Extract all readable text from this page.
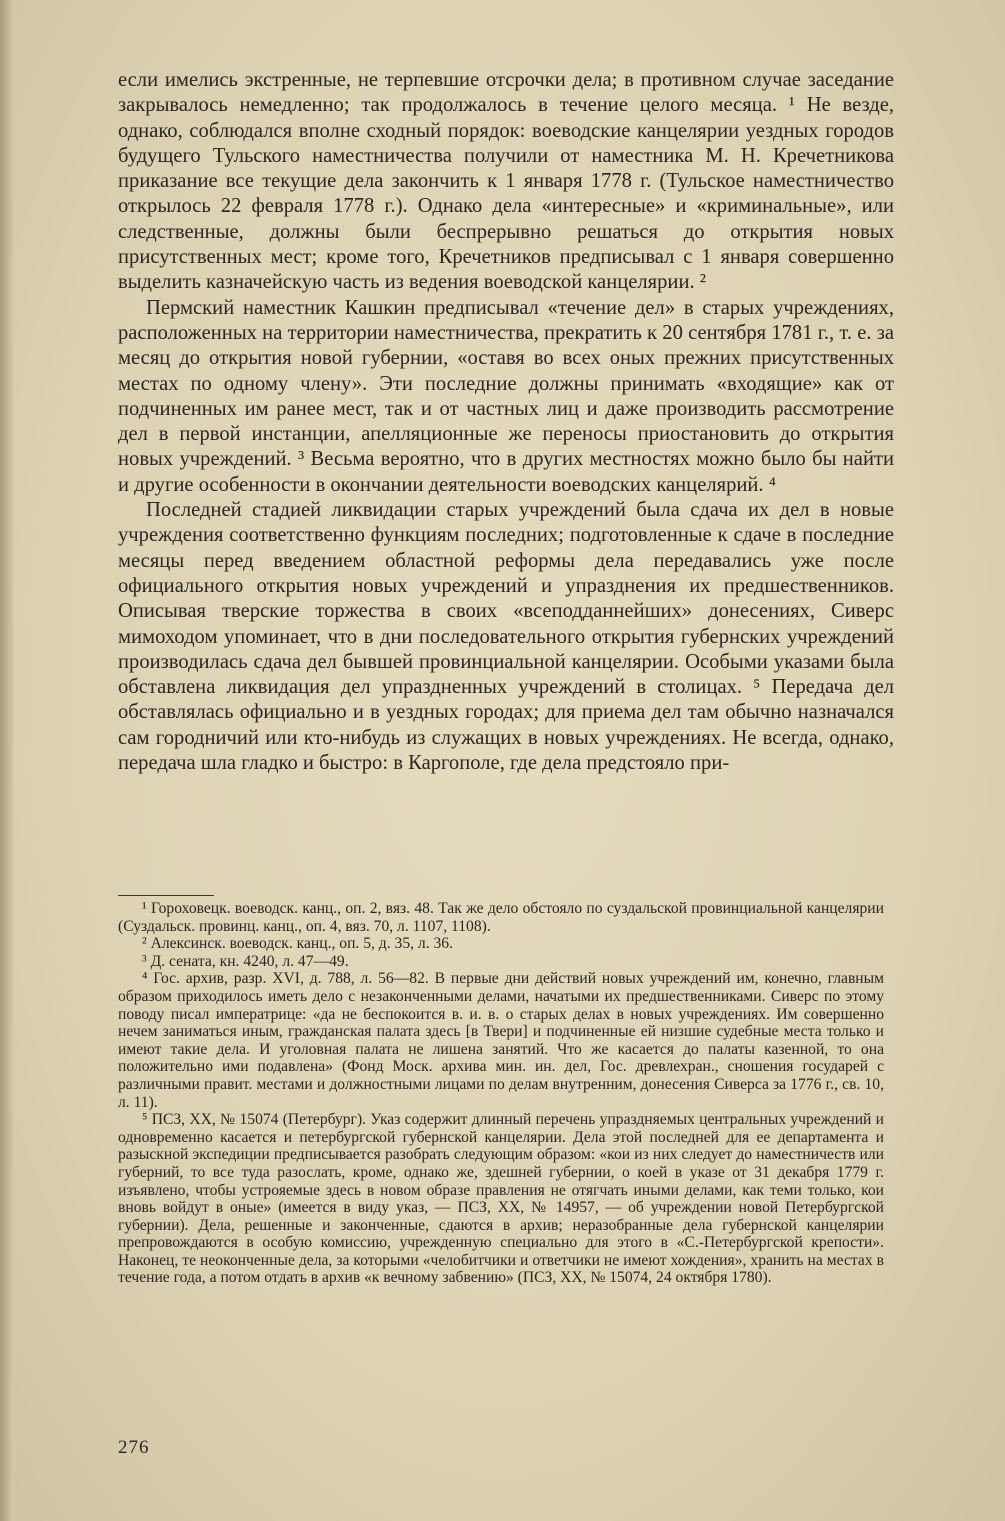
если имелись экстренные, не терпевшие отсрочки дела; в противном случае заседание закрывалось немедленно; так продолжалось в течение целого месяца. ¹ Не везде, однако, соблюдался вполне сходный порядок: воеводские канцелярии уездных городов будущего Тульского наместничества получили от наместника М. Н. Кречетникова приказание все текущие дела закончить к 1 января 1778 г. (Тульское наместничество открылось 22 февраля 1778 г.). Однако дела «интересные» и «криминальные», или следственные, должны были беспрерывно решаться до открытия новых присутственных мест; кроме того, Кречетников предписывал с 1 января совершенно выделить казначейскую часть из ведения воеводской канцелярии. ²

Пермский наместник Кашкин предписывал «течение дел» в старых учреждениях, расположенных на территории наместничества, прекратить к 20 сентября 1781 г., т. е. за месяц до открытия новой губернии, «оставя во всех оных прежних присутственных местах по одному члену». Эти последние должны принимать «входящие» как от подчиненных им ранее мест, так и от частных лиц и даже производить рассмотрение дел в первой инстанции, апелляционные же переносы приостановить до открытия новых учреждений. ³ Весьма вероятно, что в других местностях можно было бы найти и другие особенности в окончании деятельности воеводских канцелярий. ⁴

Последней стадией ликвидации старых учреждений была сдача их дел в новые учреждения соответственно функциям последних; подготовленные к сдаче в последние месяцы перед введением областной реформы дела передавались уже после официального открытия новых учреждений и упразднения их предшественников. Описывая тверские торжества в своих «всеподданнейших» донесениях, Сиверс мимоходом упоминает, что в дни последовательного открытия губернских учреждений производилась сдача дел бывшей провинциальной канцелярии. Особыми указами была обставлена ликвидация дел упраздненных учреждений в столицах. ⁵ Передача дел обставлялась официально и в уездных городах; для приема дел там обычно назначался сам городничий или кто-нибудь из служащих в новых учреждениях. Не всегда, однако, передача шла гладко и быстро: в Каргополе, где дела предстояло при-

¹ Гороховецк. воеводск. канц., оп. 2, вяз. 48. Так же дело обстояло по суздальской провинциальной канцелярии (Суздальск. провинц. канц., оп. 4, вяз. 70, л. 1107, 1108).

² Алексинск. воеводск. канц., оп. 5, д. 35, л. 36.

³ Д. сената, кн. 4240, л. 47—49.

⁴ Гос. архив, разр. XVI, д. 788, л. 56—82. В первые дни действий новых учреждений им, конечно, главным образом приходилось иметь дело с незаконченными делами, начатыми их предшественниками. Сиверс по этому поводу писал императрице: «да не беспокоится в. и. в. о старых делах в новых учреждениях. Им совершенно нечем заниматься иным, гражданская палата здесь [в Твери] и подчиненные ей низшие судебные места только и имеют такие дела. И уголовная палата не лишена занятий. Что же касается до палаты казенной, то она положительно ими подавлена» (Фонд Моск. архива мин. ин. дел, Гос. древлехран., сношения государей с различными правит. местами и должностными лицами по делам внутренним, донесения Сиверса за 1776 г., св. 10, л. 11).

⁵ ПСЗ, XX, № 15074 (Петербург). Указ содержит длинный перечень упраздняемых центральных учреждений и одновременно касается и петербургской губернской канцелярии. Дела этой последней для ее департамента и разыскной экспедиции предписывается разобрать следующим образом: «кои из них следует до наместничеств или губерний, то все туда разослать, кроме, однако же, здешней губернии, о коей в указе от 31 декабря 1779 г. изъявлено, чтобы устрояемые здесь в новом образе правления не отягчать иными делами, как теми только, кои вновь войдут в оные» (имеется в виду указ, — ПСЗ, XX, № 14957, — об учреждении новой Петербургской губернии). Дела, решенные и законченные, сдаются в архив; неразобранные дела губернской канцелярии препровождаются в особую комиссию, учрежденную специально для этого в «С.-Петербургской крепости». Наконец, те неоконченные дела, за которыми «челобитчики и ответчики не имеют хождения», хранить на местах в течение года, а потом отдать в архив «к вечному забвению» (ПСЗ, XX, № 15074, 24 октября 1780).

276
